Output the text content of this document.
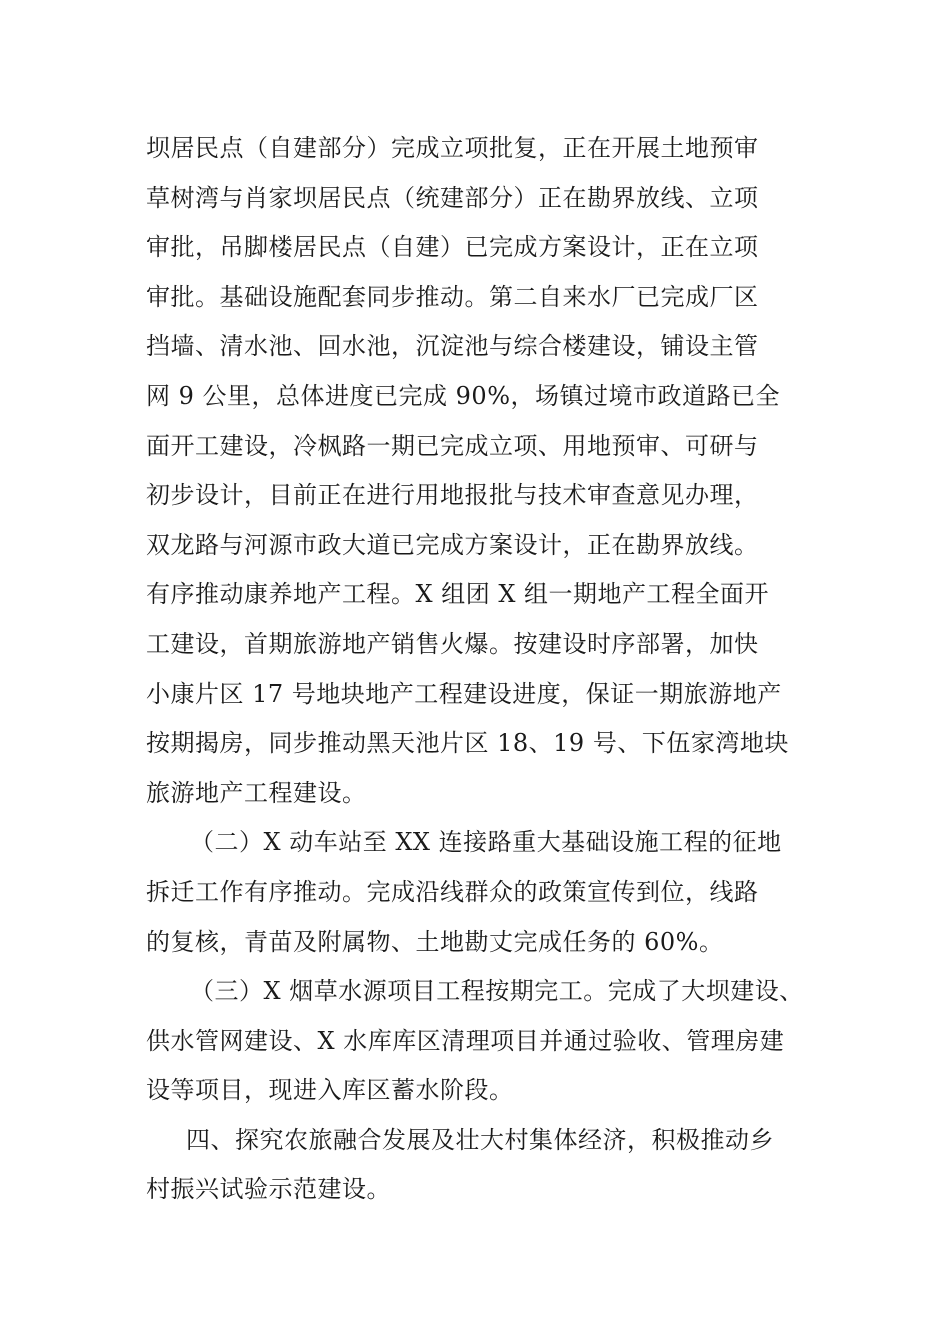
坝居民点（自建部分）完成立项批复，正在开展土地预审
草树湾与肖家坝居民点（统建部分）正在勘界放线、立项
审批，吊脚楼居民点（自建）已完成方案设计，正在立项
审批。基础设施配套同步推动。第二自来水厂已完成厂区
挡墙、清水池、回水池，沉淀池与综合楼建设，铺设主管
网 9 公里，总体进度已完成 90%，场镇过境市政道路已全
面开工建设，冷枫路一期已完成立项、用地预审、可研与
初步设计，目前正在进行用地报批与技术审查意见办理，
双龙路与河源市政大道已完成方案设计，正在勘界放线。
有序推动康养地产工程。X 组团 X 组一期地产工程全面开
工建设，首期旅游地产销售火爆。按建设时序部署，加快
小康片区 17 号地块地产工程建设进度，保证一期旅游地产
按期揭房，同步推动黑天池片区 18、19 号、下伍家湾地块
旅游地产工程建设。
（二）X 动车站至 XX 连接路重大基础设施工程的征地
拆迁工作有序推动。完成沿线群众的政策宣传到位，线路
的复核，青苗及附属物、土地勘丈完成任务的 60%。
（三）X 烟草水源项目工程按期完工。完成了大坝建设、
供水管网建设、X 水库库区清理项目并通过验收、管理房建
设等项目，现进入库区蓄水阶段。
四、探究农旅融合发展及壮大村集体经济，积极推动乡
村振兴试验示范建设。
